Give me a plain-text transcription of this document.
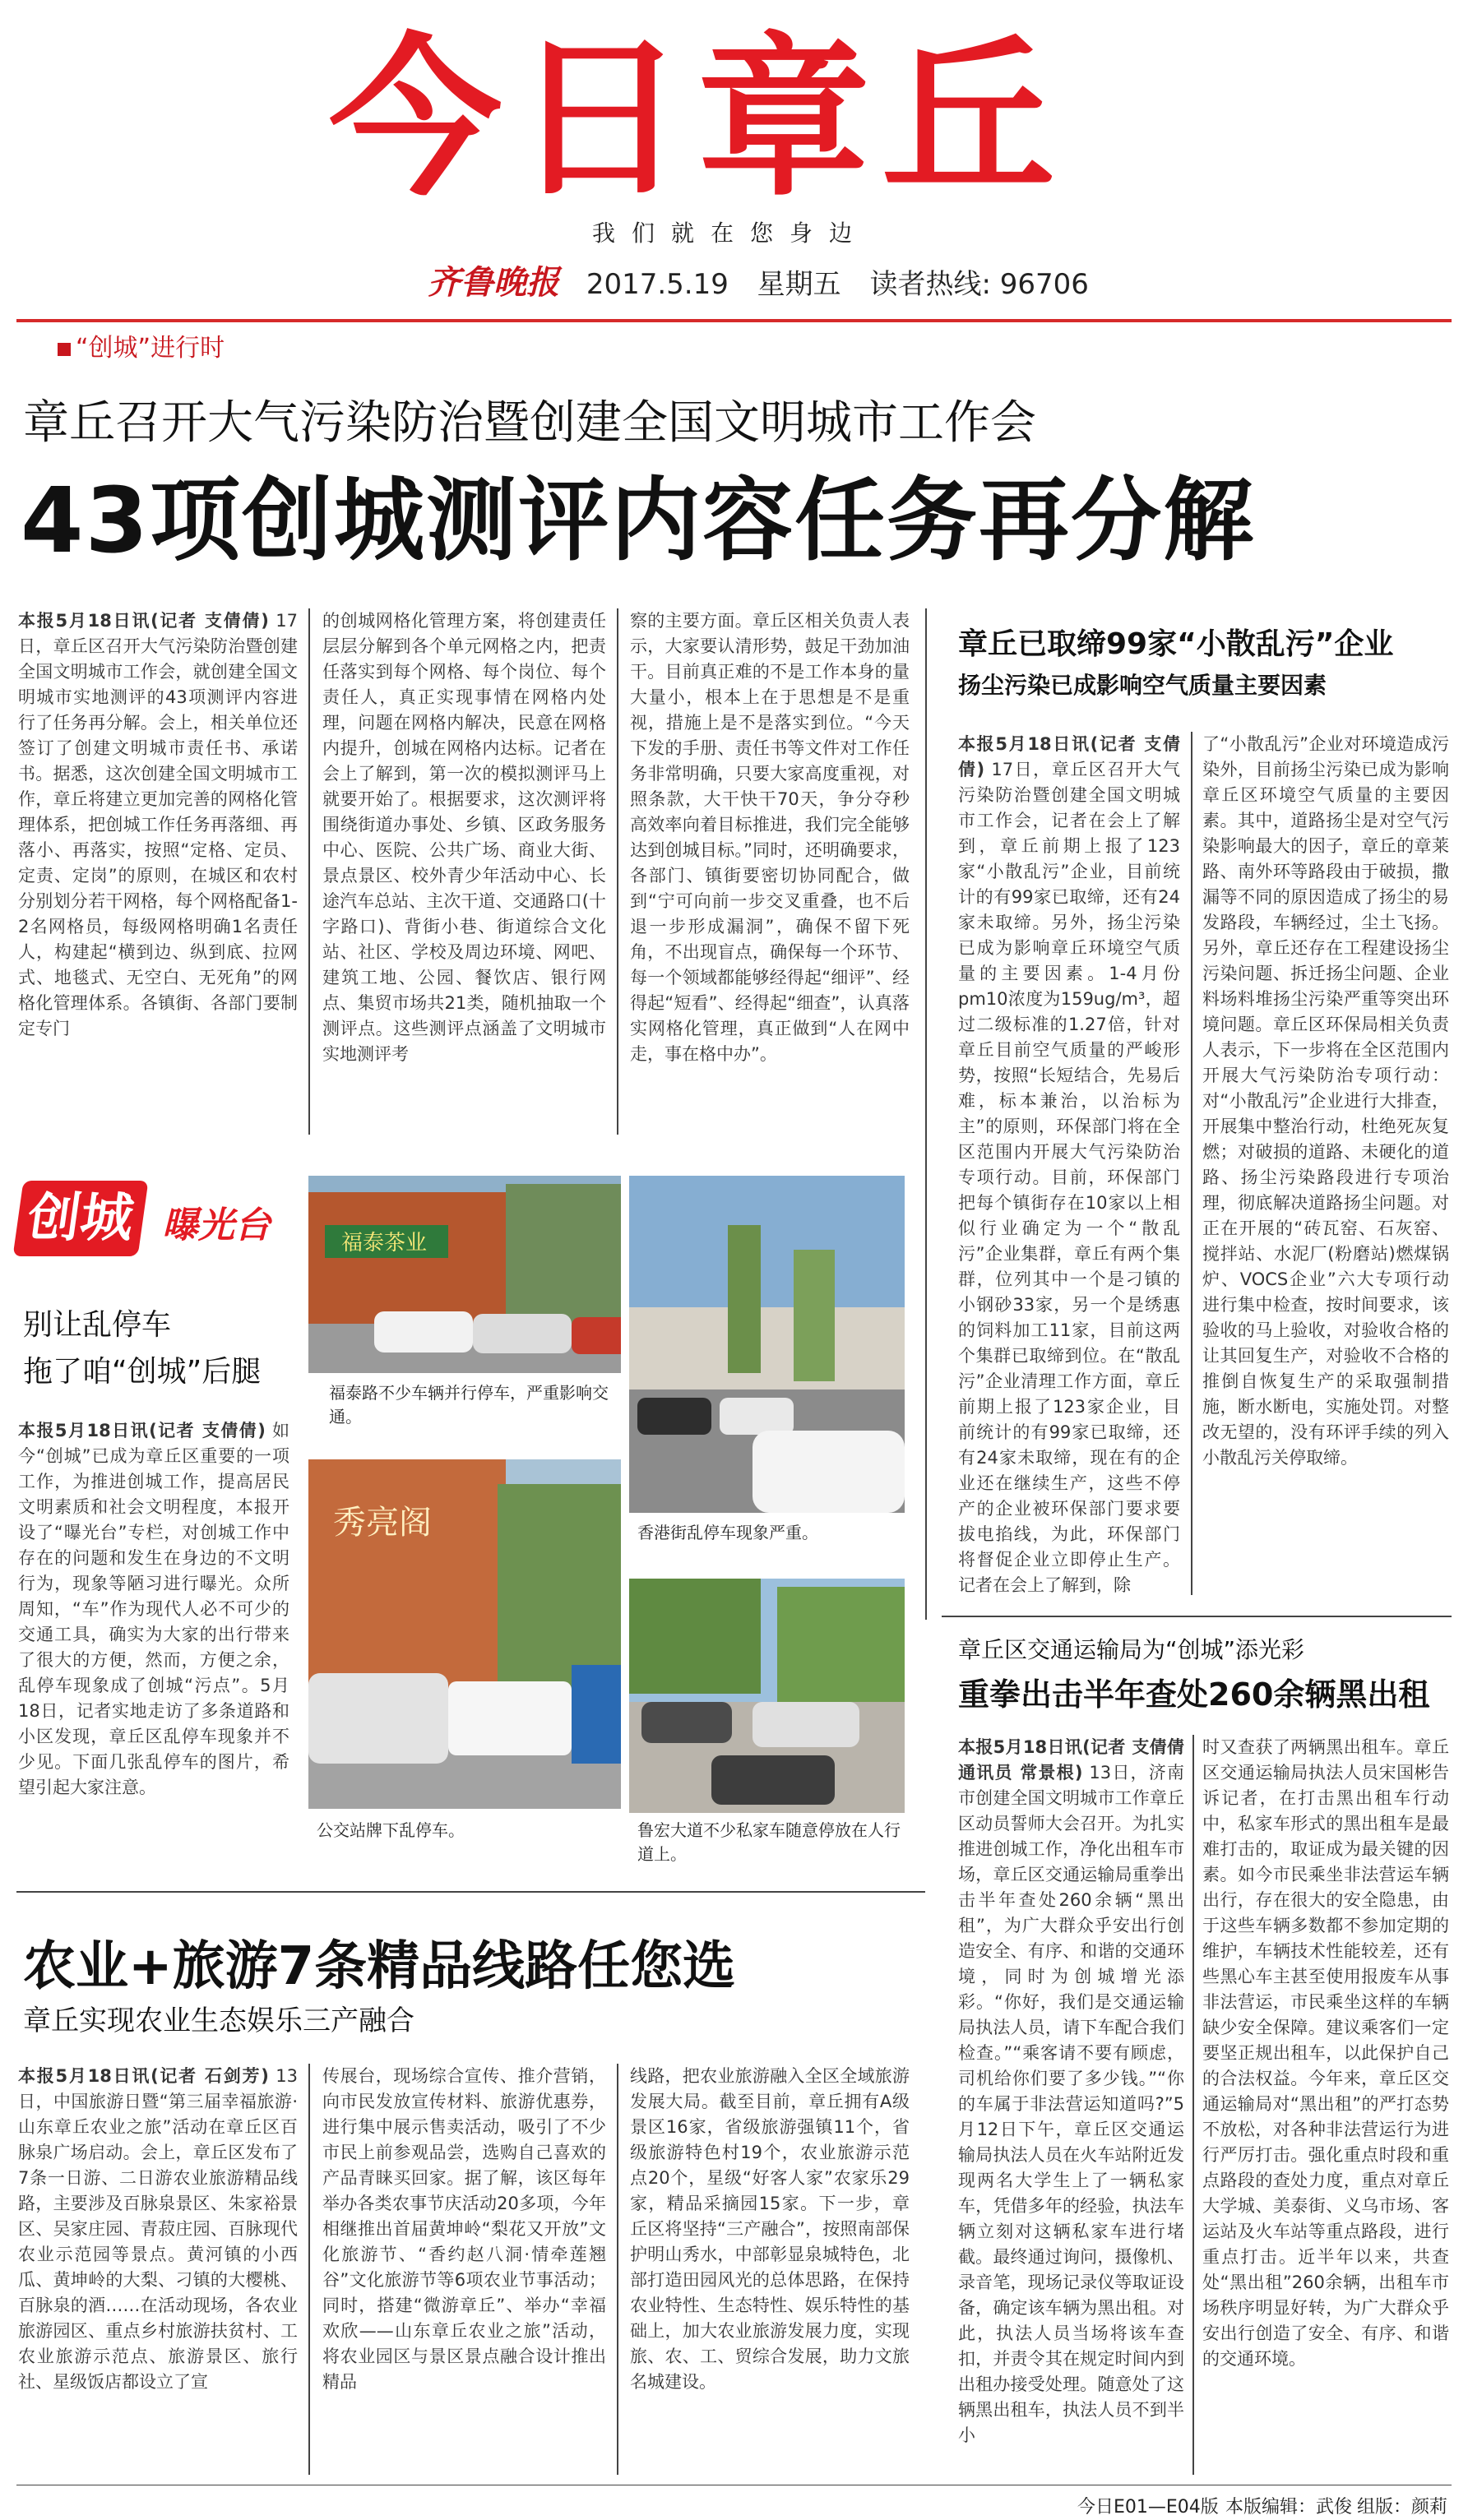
今日章丘
我们就在您身边
齐鲁晚报 2017.5.19 星期五 读者热线: 96706
“创城”进行时
章丘召开大气污染防治暨创建全国文明城市工作会
43项创城测评内容任务再分解
本报5月18日讯(记者 支倩倩) 17日，章丘区召开大气污染防治暨创建全国文明城市工作会，就创建全国文明城市实地测评的43项测评内容进行了任务再分解。会上，相关单位还签订了创建文明城市责任书、承诺书。据悉，这次创建全国文明城市工作，章丘将建立更加完善的网格化管理体系，把创城工作任务再落细、再落小、再落实，按照“定格、定员、定责、定岗”的原则，在城区和农村分别划分若干网格，每个网格配备1-2名网格员，每级网格明确1名责任人，构建起“横到边、纵到底、拉网式、地毯式、无空白、无死角”的网格化管理体系。各镇街、各部门要制定专门
的创城网格化管理方案，将创建责任层层分解到各个单元网格之内，把责任落实到每个网格、每个岗位、每个责任人，真正实现事情在网格内处理，问题在网格内解决，民意在网格内提升，创城在网格内达标。记者在会上了解到，第一次的模拟测评马上就要开始了。根据要求，这次测评将围绕街道办事处、乡镇、区政务服务中心、医院、公共广场、商业大街、景点景区、校外青少年活动中心、长途汽车总站、主次干道、交通路口(十字路口)、背街小巷、街道综合文化站、社区、学校及周边环境、网吧、建筑工地、公园、餐饮店、银行网点、集贸市场共21类，随机抽取一个测评点。这些测评点涵盖了文明城市实地测评考
察的主要方面。章丘区相关负责人表示，大家要认清形势，鼓足干劲加油干。目前真正难的不是工作本身的量大量小，根本上在于思想是不是重视，措施上是不是落实到位。“今天下发的手册、责任书等文件对工作任务非常明确，只要大家高度重视，对照条款，大干快干70天，争分夺秒高效率向着目标推进，我们完全能够达到创城目标。”同时，还明确要求，各部门、镇街要密切协同配合，做到“宁可向前一步交叉重叠，也不后退一步形成漏洞”，确保不留下死角，不出现盲点，确保每一个环节、每一个领域都能够经得起“细评”、经得起“短看”、经得起“细查”，认真落实网格化管理，真正做到“人在网中走，事在格中办”。
章丘已取缔99家“小散乱污”企业
扬尘污染已成影响空气质量主要因素
本报5月18日讯(记者 支倩倩) 17日，章丘区召开大气污染防治暨创建全国文明城市工作会，记者在会上了解到，章丘前期上报了123家“小散乱污”企业，目前统计的有99家已取缔，还有24家未取缔。另外，扬尘污染已成为影响章丘环境空气质量的主要因素。1-4月份pm10浓度为159ug/m³，超过二级标准的1.27倍，针对章丘目前空气质量的严峻形势，按照“长短结合，先易后难，标本兼治，以治标为主”的原则，环保部门将在全区范围内开展大气污染防治专项行动。目前，环保部门把每个镇街存在10家以上相似行业确定为一个“散乱污”企业集群，章丘有两个集群，位列其中一个是刁镇的小钢砂33家，另一个是绣惠的饲料加工11家，目前这两个集群已取缔到位。在“散乱污”企业清理工作方面，章丘前期上报了123家企业，目前统计的有99家已取缔，还有24家未取缔，现在有的企业还在继续生产，这些不停产的企业被环保部门要求要拔电掐线，为此，环保部门将督促企业立即停止生产。记者在会上了解到，除
了“小散乱污”企业对环境造成污染外，目前扬尘污染已成为影响章丘区环境空气质量的主要因素。其中，道路扬尘是对空气污染影响最大的因子，章丘的章莱路、南外环等路段由于破损，撒漏等不同的原因造成了扬尘的易发路段，车辆经过，尘土飞扬。另外，章丘还存在工程建设扬尘污染问题、拆迁扬尘问题、企业料场料堆扬尘污染严重等突出环境问题。章丘区环保局相关负责人表示，下一步将在全区范围内开展大气污染防治专项行动：对“小散乱污”企业进行大排查，开展集中整治行动，杜绝死灰复燃；对破损的道路、未硬化的道路、扬尘污染路段进行专项治理，彻底解决道路扬尘问题。对正在开展的“砖瓦窑、石灰窑、搅拌站、水泥厂(粉磨站)燃煤锅炉、VOCS企业”六大专项行动进行集中检查，按时间要求，该验收的马上验收，对验收合格的让其回复生产，对验收不合格的推倒自恢复生产的采取强制措施，断水断电，实施处罚。对整改无望的，没有环评手续的列入小散乱污关停取缔。
创城 曝光台
别让乱停车
拖了咱“创城”后腿
本报5月18日讯(记者 支倩倩) 如今“创城”已成为章丘区重要的一项工作，为推进创城工作，提高居民文明素质和社会文明程度，本报开设了“曝光台”专栏，对创城工作中存在的问题和发生在身边的不文明行为，现象等陋习进行曝光。众所周知，“车”作为现代人必不可少的交通工具，确实为大家的出行带来了很大的方便，然而，方便之余，乱停车现象成了创城“污点”。5月18日，记者实地走访了多条道路和小区发现，章丘区乱停车现象并不少见。下面几张乱停车的图片，希望引起大家注意。
福泰茶业
福泰路不少车辆并行停车，严重影响交通。
香港街乱停车现象严重。
秀亮阁
公交站牌下乱停车。	鲁宏大道不少私家车随意停放在人行道上。
章丘区交通运输局为“创城”添光彩
重拳出击半年查处260余辆黑出租
本报5月18日讯(记者 支倩倩 通讯员 常景根) 13日，济南市创建全国文明城市工作章丘区动员誓师大会召开。为扎实推进创城工作，净化出租车市场，章丘区交通运输局重拳出击半年查处260余辆“黑出租”，为广大群众乎安出行创造安全、有序、和谐的交通环境，同时为创城增光添彩。“你好，我们是交通运输局执法人员，请下车配合我们检查。”“乘客请不要有顾虑，司机给你们要了多少钱。”“你的车属于非法营运知道吗?”5月12日下午，章丘区交通运输局执法人员在火车站附近发现两名大学生上了一辆私家车，凭借多年的经验，执法车辆立刻对这辆私家车进行堵截。最终通过询问，摄像机、录音笔，现场记录仪等取证设备，确定该车辆为黑出租。对此，执法人员当场将该车查扣，并责令其在规定时间内到出租办接受处理。随意处了这辆黑出租车，执法人员不到半小
时又查获了两辆黑出租车。章丘区交通运输局执法人员宋国彬告诉记者，在打击黑出租车行动中，私家车形式的黑出租车是最难打击的，取证成为最关键的因素。如今市民乘坐非法营运车辆出行，存在很大的安全隐患，由于这些车辆多数都不参加定期的维护，车辆技术性能较差，还有些黑心车主甚至使用报废车从事非法营运，市民乘坐这样的车辆缺少安全保障。建议乘客们一定要坚正规出租车，以此保护自己的合法权益。今年来，章丘区交通运输局对“黑出租”的严打态势不放松，对各种非法营运行为进行严厉打击。强化重点时段和重点路段的查处力度，重点对章丘大学城、美泰街、义乌市场、客运站及火车站等重点路段，进行重点打击。近半年以来，共查处“黑出租”260余辆，出租车市场秩序明显好转，为广大群众乎安出行创造了安全、有序、和谐的交通环境。
农业+旅游7条精品线路任您选
章丘实现农业生态娱乐三产融合
本报5月18日讯(记者 石剑芳) 13日，中国旅游日暨“第三届幸福旅游·山东章丘农业之旅”活动在章丘区百脉泉广场启动。会上，章丘区发布了7条一日游、二日游农业旅游精品线路，主要涉及百脉泉景区、朱家裕景区、吴家庄园、青菽庄园、百脉现代农业示范园等景点。黄河镇的小西瓜、黄坤岭的大梨、刁镇的大樱桃、百脉泉的酒……在活动现场，各农业旅游园区、重点乡村旅游扶贫村、工农业旅游示范点、旅游景区、旅行社、星级饭店都设立了宣
传展台，现场综合宣传、推介营销，向市民发放宣传材料、旅游优惠券，进行集中展示售卖活动，吸引了不少市民上前参观品尝，选购自己喜欢的产品青睐买回家。据了解，该区每年举办各类农事节庆活动20多项，今年相继推出首届黄坤岭“梨花又开放”文化旅游节、“香约赵八洞·情牵莲翘谷”文化旅游节等6项农业节事活动；同时，搭建“微游章丘”、举办“幸福欢欣——山东章丘农业之旅”活动，将农业园区与景区景点融合设计推出精品
线路，把农业旅游融入全区全域旅游发展大局。截至目前，章丘拥有A级景区16家，省级旅游强镇11个，省级旅游特色村19个，农业旅游示范点20个，星级“好客人家”农家乐29家，精品采摘园15家。下一步，章丘区将坚持“三产融合”，按照南部保护明山秀水，中部彰显泉城特色，北部打造田园风光的总体思路，在保持农业特性、生态特性、娱乐特性的基础上，加大农业旅游发展力度，实现旅、农、工、贸综合发展，助力文旅名城建设。
今日E01—E04版 本版编辑：武俊 组版：颜莉
